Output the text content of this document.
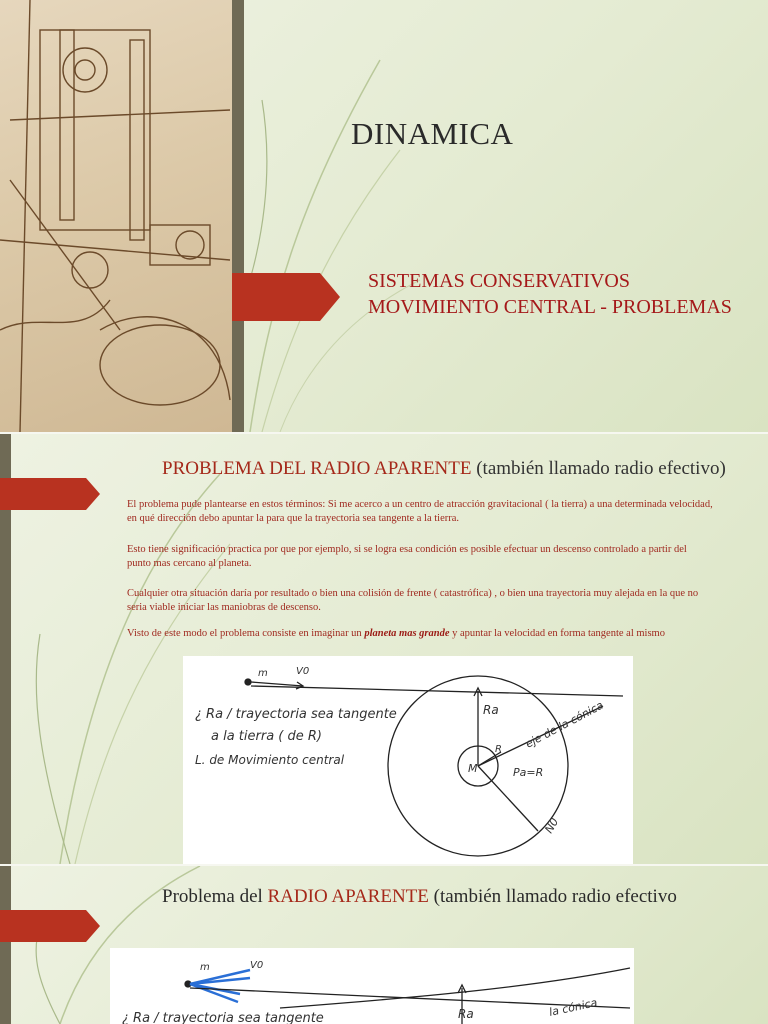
DINAMICA
SISTEMAS CONSERVATIVOS
MOVIMIENTO CENTRAL - PROBLEMAS
PROBLEMA DEL RADIO APARENTE (también llamado radio efectivo)
El problema pude plantearse en estos términos: Si me acerco a un centro de atracción gravitacional ( la tierra) a una determinada velocidad, en qué dirección debo apuntar la para que la trayectoria sea tangente a la tierra.
Esto tiene significación practica por que por ejemplo, si se logra esa condición es posible efectuar un descenso controlado a partir del punto mas cercano al planeta.
Cualquier otra situación daría por resultado o bien una colisión de frente ( catastrófica) , o bien una trayectoria muy alejada en la que no seria viable iniciar las maniobras de descenso.
Visto de este modo el problema consiste en imaginar un planeta mas grande y apuntar la velocidad en forma tangente al mismo
m	V0
¿ Ra / trayectoria sea tangente
a la tierra ( de R)
L. de Movimiento central
Ra eje de la cónica
M
R
Pa=R
N0
Problema del RADIO APARENTE (también llamado radio efectivo
m	V0
Ra
¿ Ra / trayectoria sea tangente	la cónica
